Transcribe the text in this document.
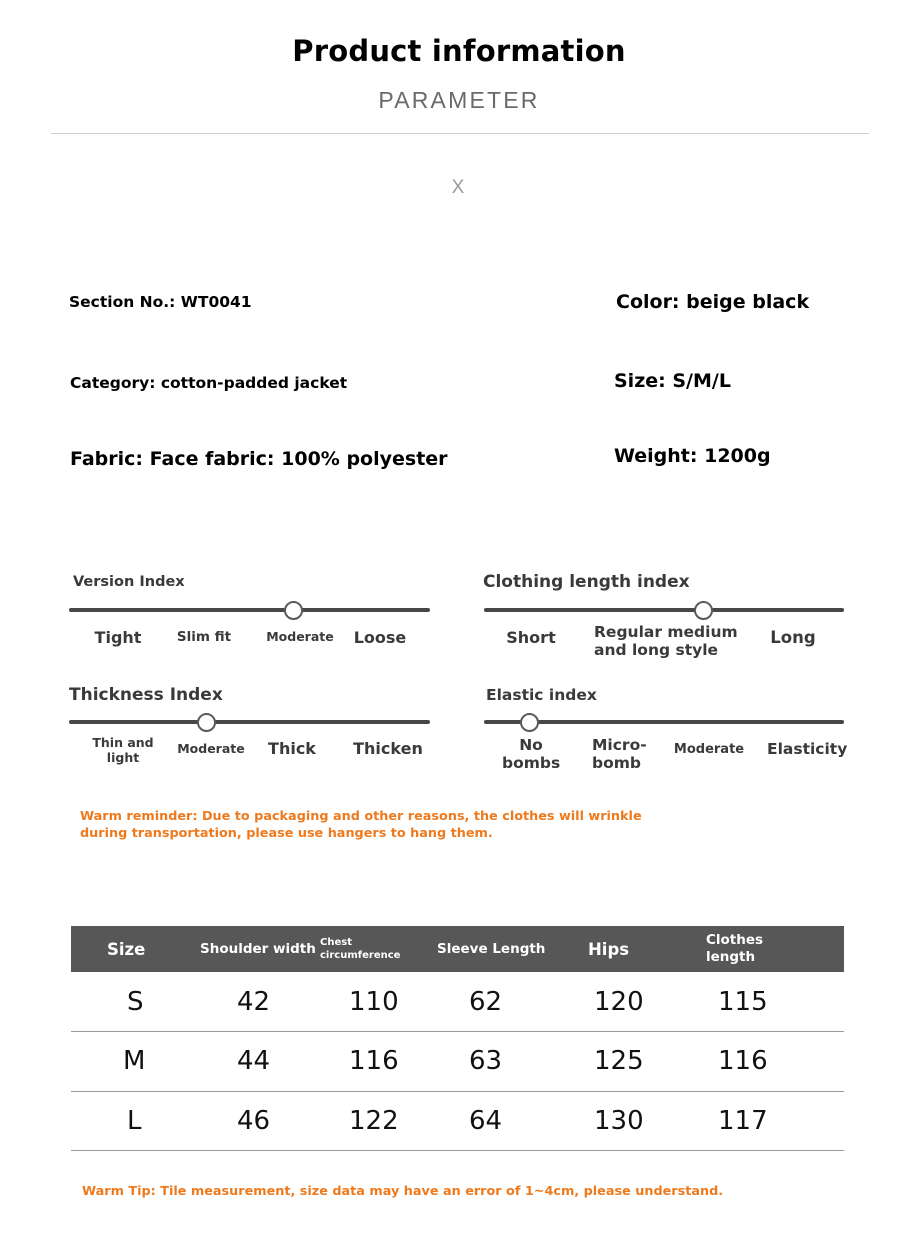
Product information
PARAMETER
X
Section No.: WT0041	Color: beige black
Category: cotton-padded jacket	Size: S/M/L
Fabric: Face fabric: 100% polyester	Weight: 1200g
Version Index
Tight	Slim fit	Moderate	Loose
Clothing length index
Short	Regular medium and long style
Long
Thickness Index
Thin and light
Moderate	Thick	Thicken
Elastic index
No bombs
Micro-bomb
Moderate	Elasticity
Warm reminder: Due to packaging and other reasons, the clothes will wrinkle during transportation, please use hangers to hang them.
Size	Shoulder width	Chest circumference	Sleeve Length	Hips	Clothes length
S	42	110	62	120	115
M	44	116	63	125	116
L	46	122	64	130	117
Warm Tip: Tile measurement, size data may have an error of 1~4cm, please understand.
